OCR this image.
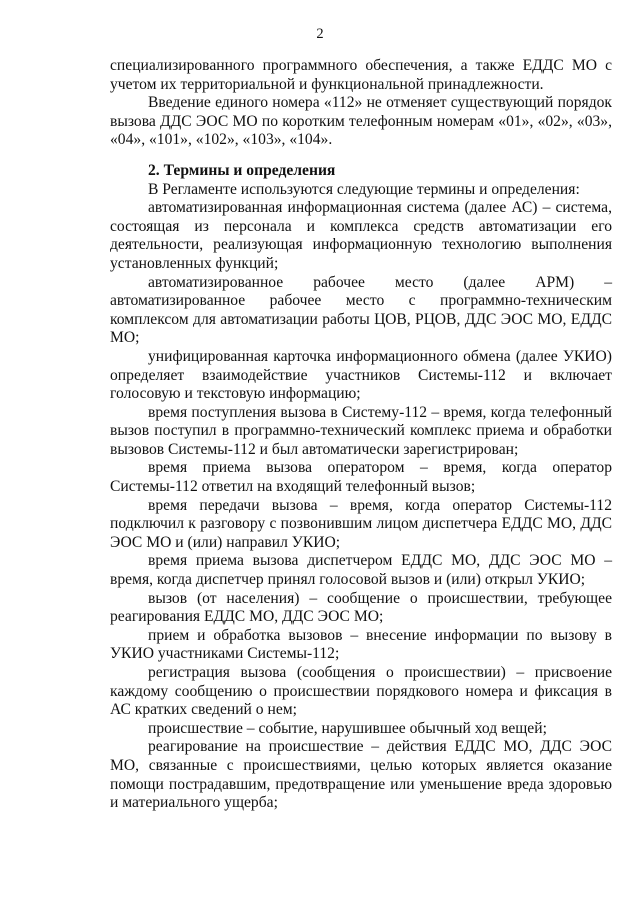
2

специализированного программного обеспечения, а также ЕДДС МО с учетом их территориальной и функциональной принадлежности.

Введение единого номера «112» не отменяет существующий порядок вызова ДДС ЭОС МО по коротким телефонным номерам «01», «02», «03», «04», «101», «102», «103», «104».

2. Термины и определения

В Регламенте используются следующие термины и определения:

автоматизированная информационная система (далее АС) – система, состоящая из персонала и комплекса средств автоматизации его деятельности, реализующая информационную технологию выполнения установленных функций;

автоматизированное рабочее место (далее АРМ) – автоматизированное рабочее место с программно-техническим комплексом для автоматизации работы ЦОВ, РЦОВ, ДДС ЭОС МО, ЕДДС МО;

унифицированная карточка информационного обмена (далее УКИО) определяет взаимодействие участников Системы-112 и включает голосовую и текстовую информацию;

время поступления вызова в Систему-112 – время, когда телефонный вызов поступил в программно-технический комплекс приема и обработки вызовов Системы-112 и был автоматически зарегистрирован;

время приема вызова оператором – время, когда оператор Системы-112 ответил на входящий телефонный вызов;

время передачи вызова – время, когда оператор Системы-112 подключил к разговору с позвонившим лицом диспетчера ЕДДС МО, ДДС ЭОС МО и (или) направил УКИО;

время приема вызова диспетчером ЕДДС МО, ДДС ЭОС МО – время, когда диспетчер принял голосовой вызов и (или) открыл УКИО;

вызов (от населения) – сообщение о происшествии, требующее реагирования ЕДДС МО, ДДС ЭОС МО;

прием и обработка вызовов – внесение информации по вызову в УКИО участниками Системы-112;

регистрация вызова (сообщения о происшествии) – присвоение каждому сообщению о происшествии порядкового номера и фиксация в АС кратких сведений о нем;

происшествие – событие, нарушившее обычный ход вещей;

реагирование на происшествие – действия ЕДДС МО, ДДС ЭОС МО, связанные с происшествиями, целью которых является оказание помощи пострадавшим, предотвращение или уменьшение вреда здоровью и материального ущерба;
